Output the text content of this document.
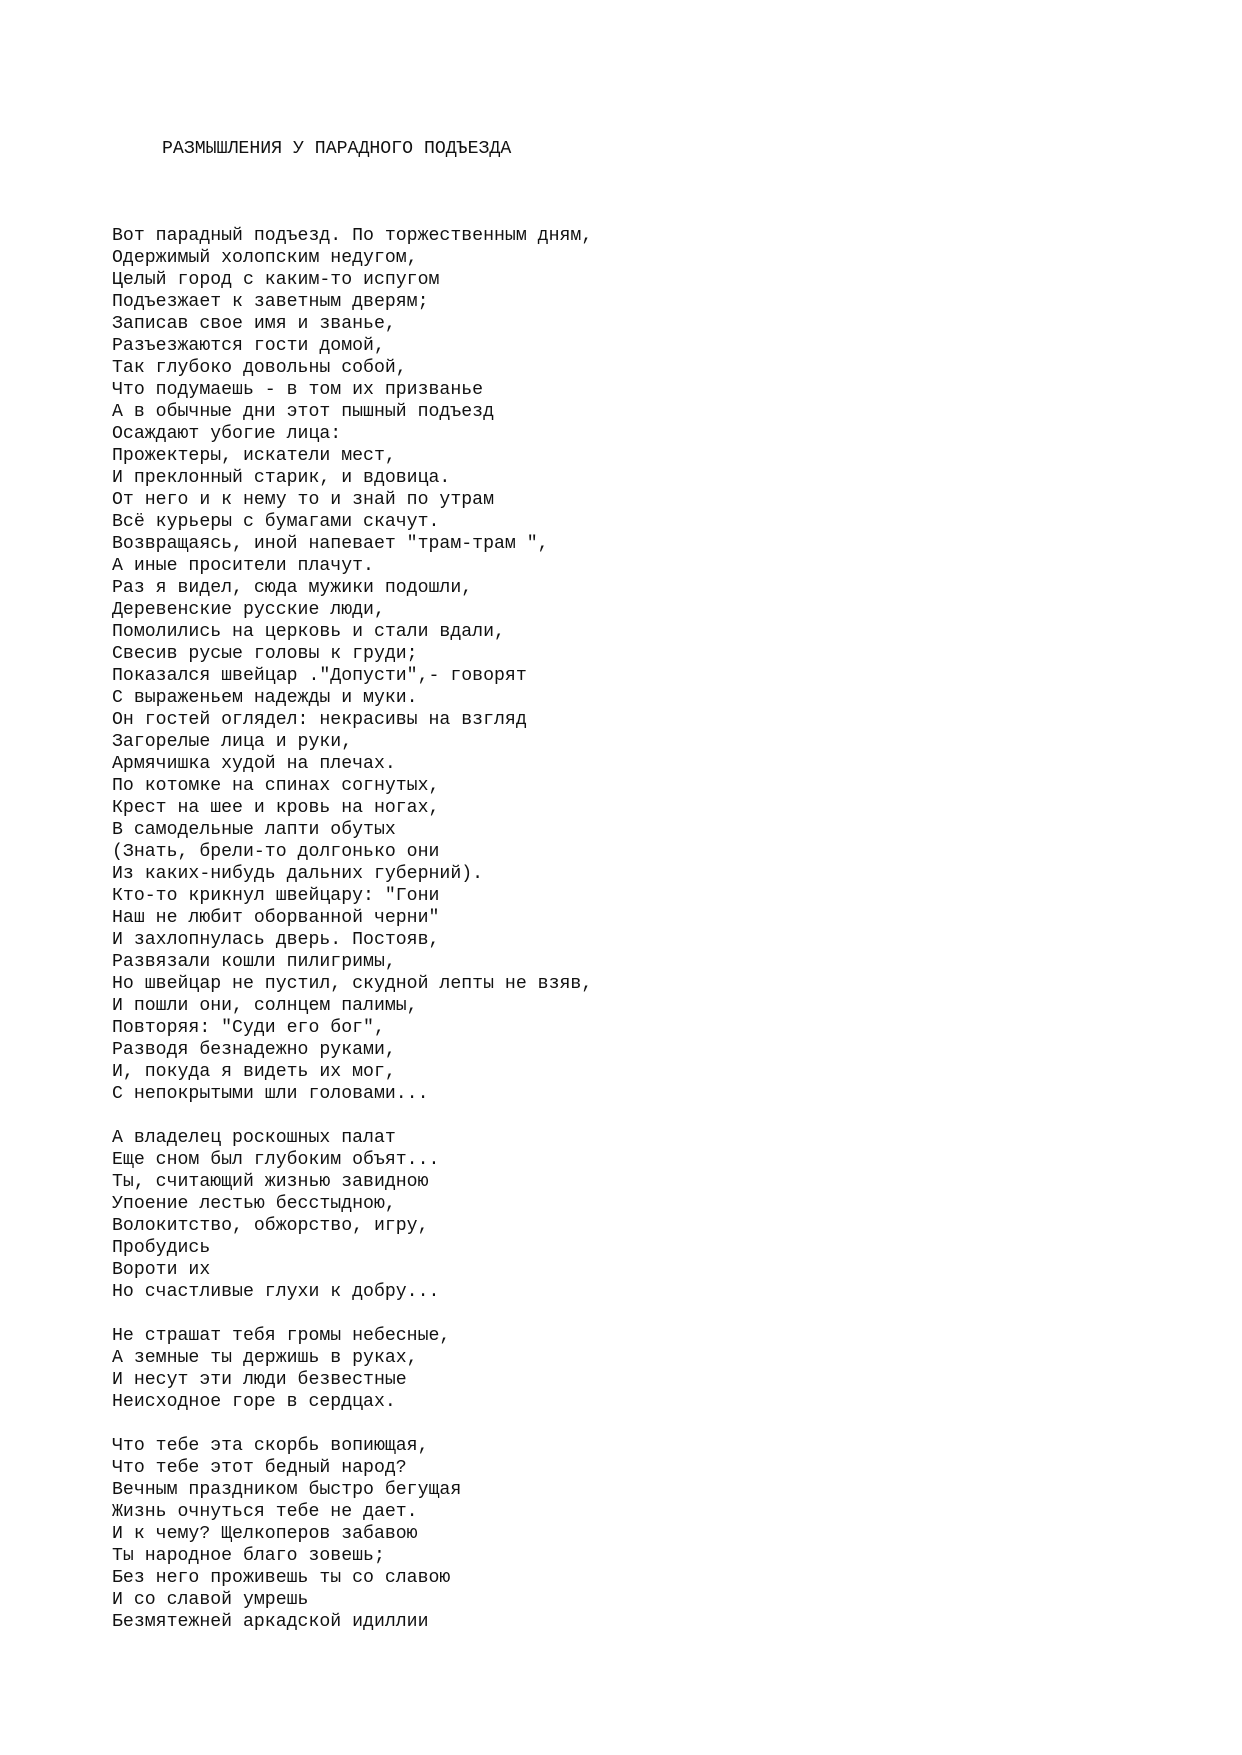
РАЗМЫШЛЕНИЯ У ПАРАДНОГО ПОДЪЕЗДА
Вот парадный подъезд. По торжественным дням,
Одержимый холопским недугом,
Целый город с каким-то испугом
Подъезжает к заветным дверям;
Записав свое имя и званье,
Разъезжаются гости домой,
Так глубоко довольны собой,
Что подумаешь - в том их призванье
А в обычные дни этот пышный подъезд
Осаждают убогие лица:
Прожектеры, искатели мест,
И преклонный старик, и вдовица.
От него и к нему то и знай по утрам
Всё курьеры с бумагами скачут.
Возвращаясь, иной напевает "трам-трам ",
А иные просители плачут.
Раз я видел, сюда мужики подошли,
Деревенские русские люди,
Помолились на церковь и стали вдали,
Свесив русые головы к груди;
Показался швейцар ."Допусти",- говорят
С выраженьем надежды и муки.
Он гостей оглядел: некрасивы на взгляд
Загорелые лица и руки,
Армячишка худой на плечах.
По котомке на спинах согнутых,
Крест на шее и кровь на ногах,
В самодельные лапти обутых
(Знать, брели-то долгонько они
Из каких-нибудь дальних губерний).
Кто-то крикнул швейцару: "Гони
Наш не любит оборванной черни"
И захлопнулась дверь. Постояв,
Развязали кошли пилигримы,
Но швейцар не пустил, скудной лепты не взяв,
И пошли они, солнцем палимы,
Повторяя: "Суди его бог",
Разводя безнадежно руками,
И, покуда я видеть их мог,
С непокрытыми шли головами...
А владелец роскошных палат
Еще сном был глубоким объят...
Ты, считающий жизнью завидною
Упоение лестью бесстыдною,
Волокитство, обжорство, игру,
Пробудись
Вороти их
Но счастливые глухи к добру...
Не страшат тебя громы небесные,
А земные ты держишь в руках,
И несут эти люди безвестные
Неисходное горе в сердцах.
Что тебе эта скорбь вопиющая,
Что тебе этот бедный народ?
Вечным праздником быстро бегущая
Жизнь очнуться тебе не дает.
И к чему? Щелкоперов забавою
Ты народное благо зовешь;
Без него проживешь ты со славою
И со славой умрешь
Безмятежней аркадской идиллии
